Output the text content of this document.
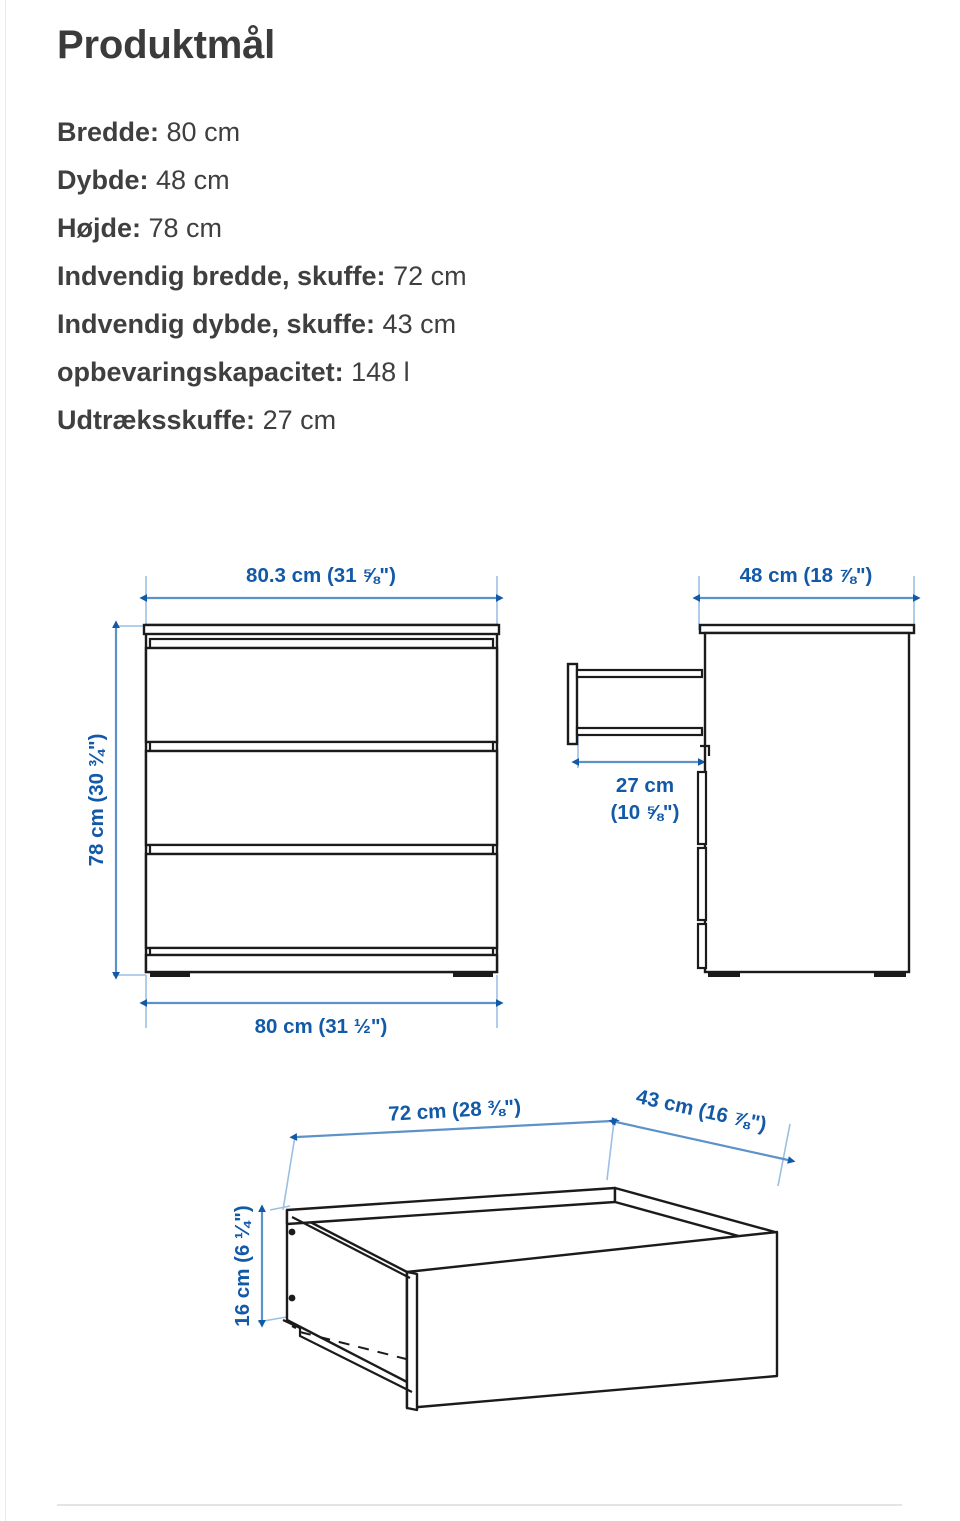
Produktmål
Bredde: 80 cm
Dybde: 48 cm
Højde: 78 cm
Indvendig bredde, skuffe: 72 cm
Indvendig dybde, skuffe: 43 cm
opbevaringskapacitet: 148 l
Udtræksskuffe: 27 cm
80.3 cm (31 ⅝")
78 cm (30 ¾")
80 cm (31 ½")
48 cm (18 ⅞")
27 cm
(10 ⅝")
72 cm (28 ⅜")	43 cm (16 ⅞")
16 cm (6 ¼")
